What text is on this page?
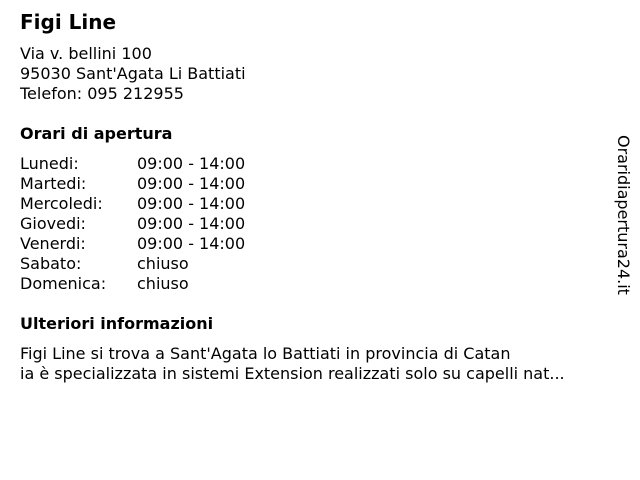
Figi Line
Via v. bellini 100
95030 Sant'Agata Li Battiati
Telefon: 095 212955
Orari di apertura
Lunedi:	09:00 - 14:00
Martedi:	09:00 - 14:00
Mercoledi:	09:00 - 14:00
Giovedi:	09:00 - 14:00
Venerdi:	09:00 - 14:00
Sabato:	chiuso
Domenica:	chiuso
Ulteriori informazioni
Figi Line si trova a Sant'Agata lo Battiati in provincia di Catan
ia è specializzata in sistemi Extension realizzati solo su capelli nat...
Oraridiapertura24.it
